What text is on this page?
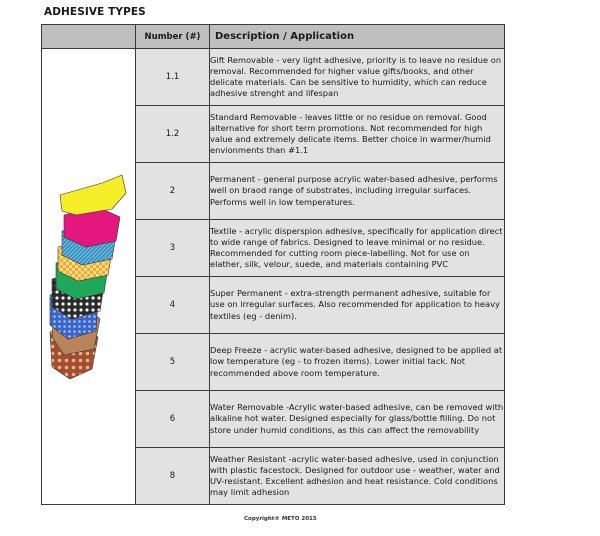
ADHESIVE TYPES
	Number (#)	Description / Application

	1.1	Gift Removable - very light adhesive, priority is to leave no residue on removal. Recommended for higher value gifts/books, and other delicate materials. Can be sensitive to humidity, which can reduce adhesive strenght and lifespan
	1.2	Standard Removable - leaves little or no residue on removal. Good alternative for short term promotions. Not recommended for high value and extremely delicate items. Better choice in warmer/humid envionments than #1.1
	2	Permanent - general purpose acrylic water-based adhesive, performs well on braod range of substrates, including irregular surfaces. Performs well in low temperatures.
	3	Textile - acrylic disperspion adhesive, specifically for application direct to wide range of fabrics. Designed to leave minimal or no residue. Recommended for cutting room piece-labelling. Not for use on elather, silk, velour, suede, and materials containing PVC
	4	Super Permanent - extra-strength permanent adhesive, suitable for use on irregular surfaces. Also recommended for application to heavy textiles (eg - denim).
	5	Deep Freeze - acrylic water-based adhesive, designed to be applied at low temperature (eg - to frozen items). Lower initial tack. Not recommended above room temperature.
	6	Water Removable -Acrylic water-based adhesive, can be removed with alkaline hot water. Designed especially for glass/bottle filling. Do not store under humid conditions, as this can affect the removability
	8	Weather Resistant -acrylic water-based adhesive, used in conjunction with plastic facestock. Designed for outdoor use - weather, water and UV-resistant. Excellent adhesion and heat resistance. Cold conditions may limit adhesion
Copyright® METO 2015
